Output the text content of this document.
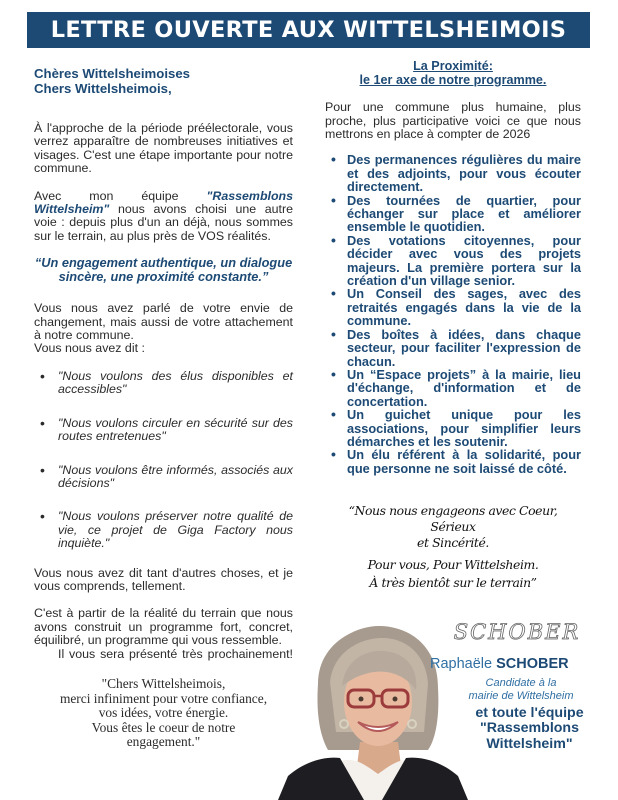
LETTRE OUVERTE AUX WITTELSHEIMOIS
Chères Wittelsheimoises
Chers Wittelsheimois,

À l'approche de la période préélectorale, vous verrez apparaître de nombreuses initiatives et visages. C'est une étape importante pour notre commune.

Avec mon équipe "Rassemblons Wittelsheim" nous avons choisi une autre voie : depuis plus d'un an déjà, nous sommes sur le terrain, au plus près de VOS réalités.

“Un engagement authentique, un dialogue sincère, une proximité constante.”

Vous nous avez parlé de votre envie de changement, mais aussi de votre attachement à notre commune.

Vous nous avez dit :

• "Nous voulons des élus disponibles et accessibles"
• "Nous voulons circuler en sécurité sur des routes entretenues"
• "Nous voulons être informés, associés aux décisions"
• "Nous voulons préserver notre qualité de vie, ce projet de Giga Factory nous inquiète."

Vous nous avez dit tant d'autres choses, et je vous comprends, tellement.

C'est à partir de la réalité du terrain que nous avons construit un programme fort, concret, équilibré, un programme qui vous ressemble.

Il vous sera présenté très prochainement!

"Chers Wittelsheimois,
merci infiniment pour votre confiance,
vos idées, votre énergie.
Vous êtes le coeur de notre
engagement."

La Proximité:
le 1er axe de notre programme.

Pour une commune plus humaine, plus proche, plus participative voici ce que nous mettrons en place à compter de 2026

• Des permanences régulières du maire et des adjoints, pour vous écouter directement.
• Des tournées de quartier, pour échanger sur place et améliorer ensemble le quotidien.
• Des votations citoyennes, pour décider avec vous des projets majeurs. La première portera sur la création d'un village senior.
• Un Conseil des sages, avec des retraités engagés dans la vie de la commune.
• Des boîtes à idées, dans chaque secteur, pour faciliter l'expression de chacun.
• Un “Espace projets” à la mairie, lieu d'échange, d'information et de concertation.
• Un guichet unique pour les associations, pour simplifier leurs démarches et les soutenir.
• Un élu référent à la solidarité, pour que personne ne soit laissé de côté.
“Nous nous engageons avec Coeur, Sérieux
et Sincérité.
Pour vous, Pour Wittelsheim.
À très bientôt sur le terrain”
SCHOBER
Raphaële SCHOBER
Candidate à la
mairie de Wittelsheim
et toute l'équipe
"Rassemblons
Wittelsheim"
